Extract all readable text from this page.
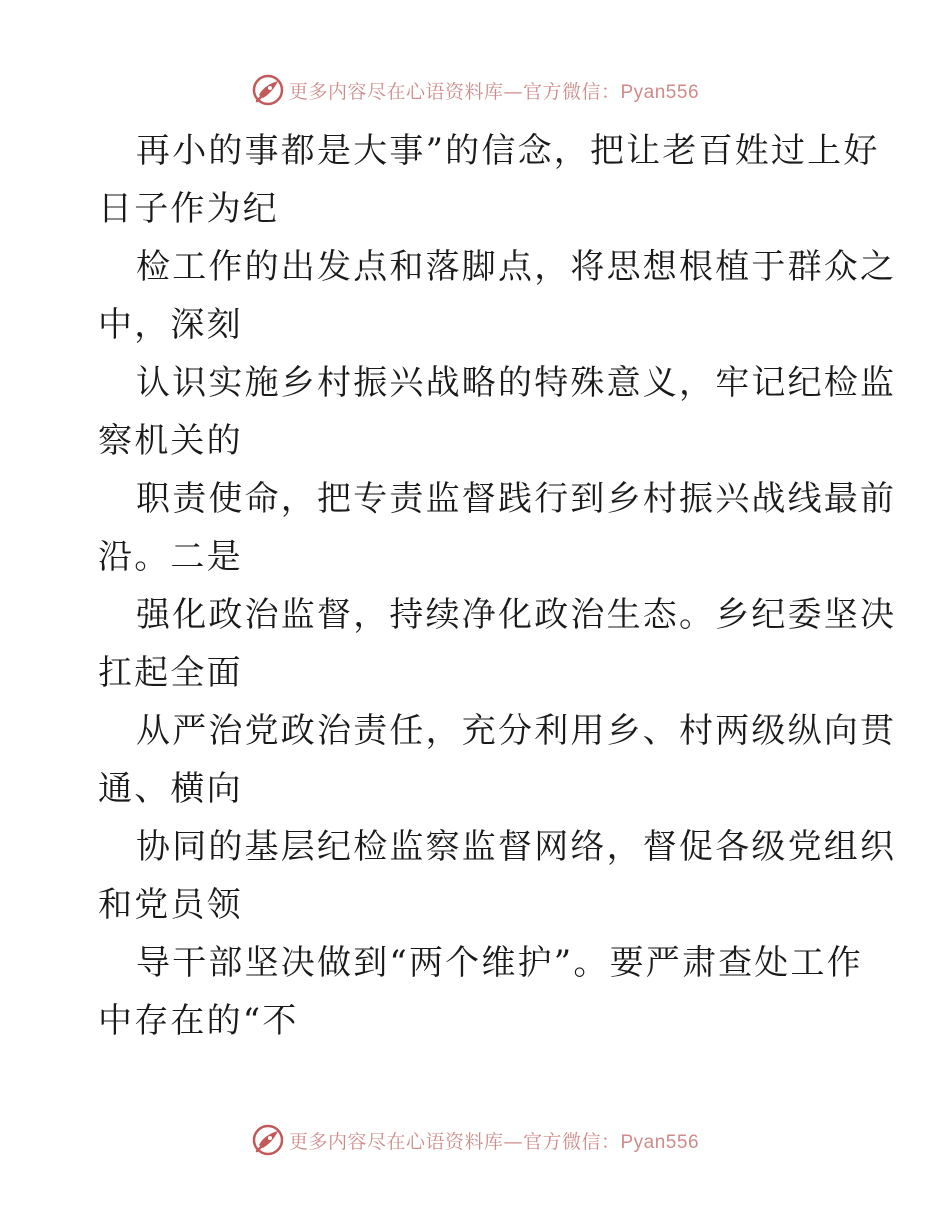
更多内容尽在心语资料库—官方微信：Pyan556
再小的事都是大事”的信念，把让老百姓过上好
日子作为纪
检工作的出发点和落脚点，将思想根植于群众之
中，深刻
认识实施乡村振兴战略的特殊意义，牢记纪检监
察机关的
职责使命，把专责监督践行到乡村振兴战线最前
沿。二是
强化政治监督，持续净化政治生态。乡纪委坚决
扛起全面
从严治党政治责任，充分利用乡、村两级纵向贯
通、横向
协同的基层纪检监察监督网络，督促各级党组织
和党员领
导干部坚决做到“两个维护”。要严肃查处工作
中存在的“不
更多内容尽在心语资料库—官方微信：Pyan556
